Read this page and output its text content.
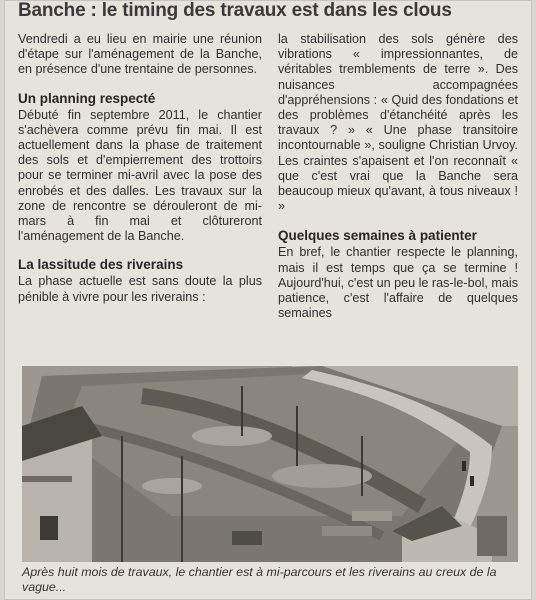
Banche : le timing des travaux est dans les clous

Vendredi a eu lieu en mairie une réunion d'étape sur l'aménagement de la Banche, en présence d'une trentaine de personnes.

Un planning respecté

Débuté fin septembre 2011, le chantier s'achèvera comme prévu fin mai. Il est actuellement dans la phase de traitement des sols et d'empierrement des trottoirs pour se terminer mi-avril avec la pose des enrobés et des dalles. Les travaux sur la zone de rencontre se dérouleront de mi-mars à fin mai et clôtureront l'aménagement de la Banche.

La lassitude des riverains

La phase actuelle est sans doute la plus pénible à vivre pour les riverains :

la stabilisation des sols génère des vibrations « impressionnantes, de véritables tremblements de terre ». Des nuisances accompagnées d'appréhensions : « Quid des fondations et des problèmes d'étanchéité après les travaux ? » « Une phase transitoire incontournable », souligne Christian Urvoy. Les craintes s'apaisent et l'on reconnaît « que c'est vrai que la Banche sera beaucoup mieux qu'avant, à tous niveaux ! »

Quelques semaines à patienter

En bref, le chantier respecte le planning, mais il est temps que ça se termine ! Aujourd'hui, c'est un peu le ras-le-bol, mais patience, c'est l'affaire de quelques semaines

Après huit mois de travaux, le chantier est à mi-parcours et les riverains au creux de la vague...
